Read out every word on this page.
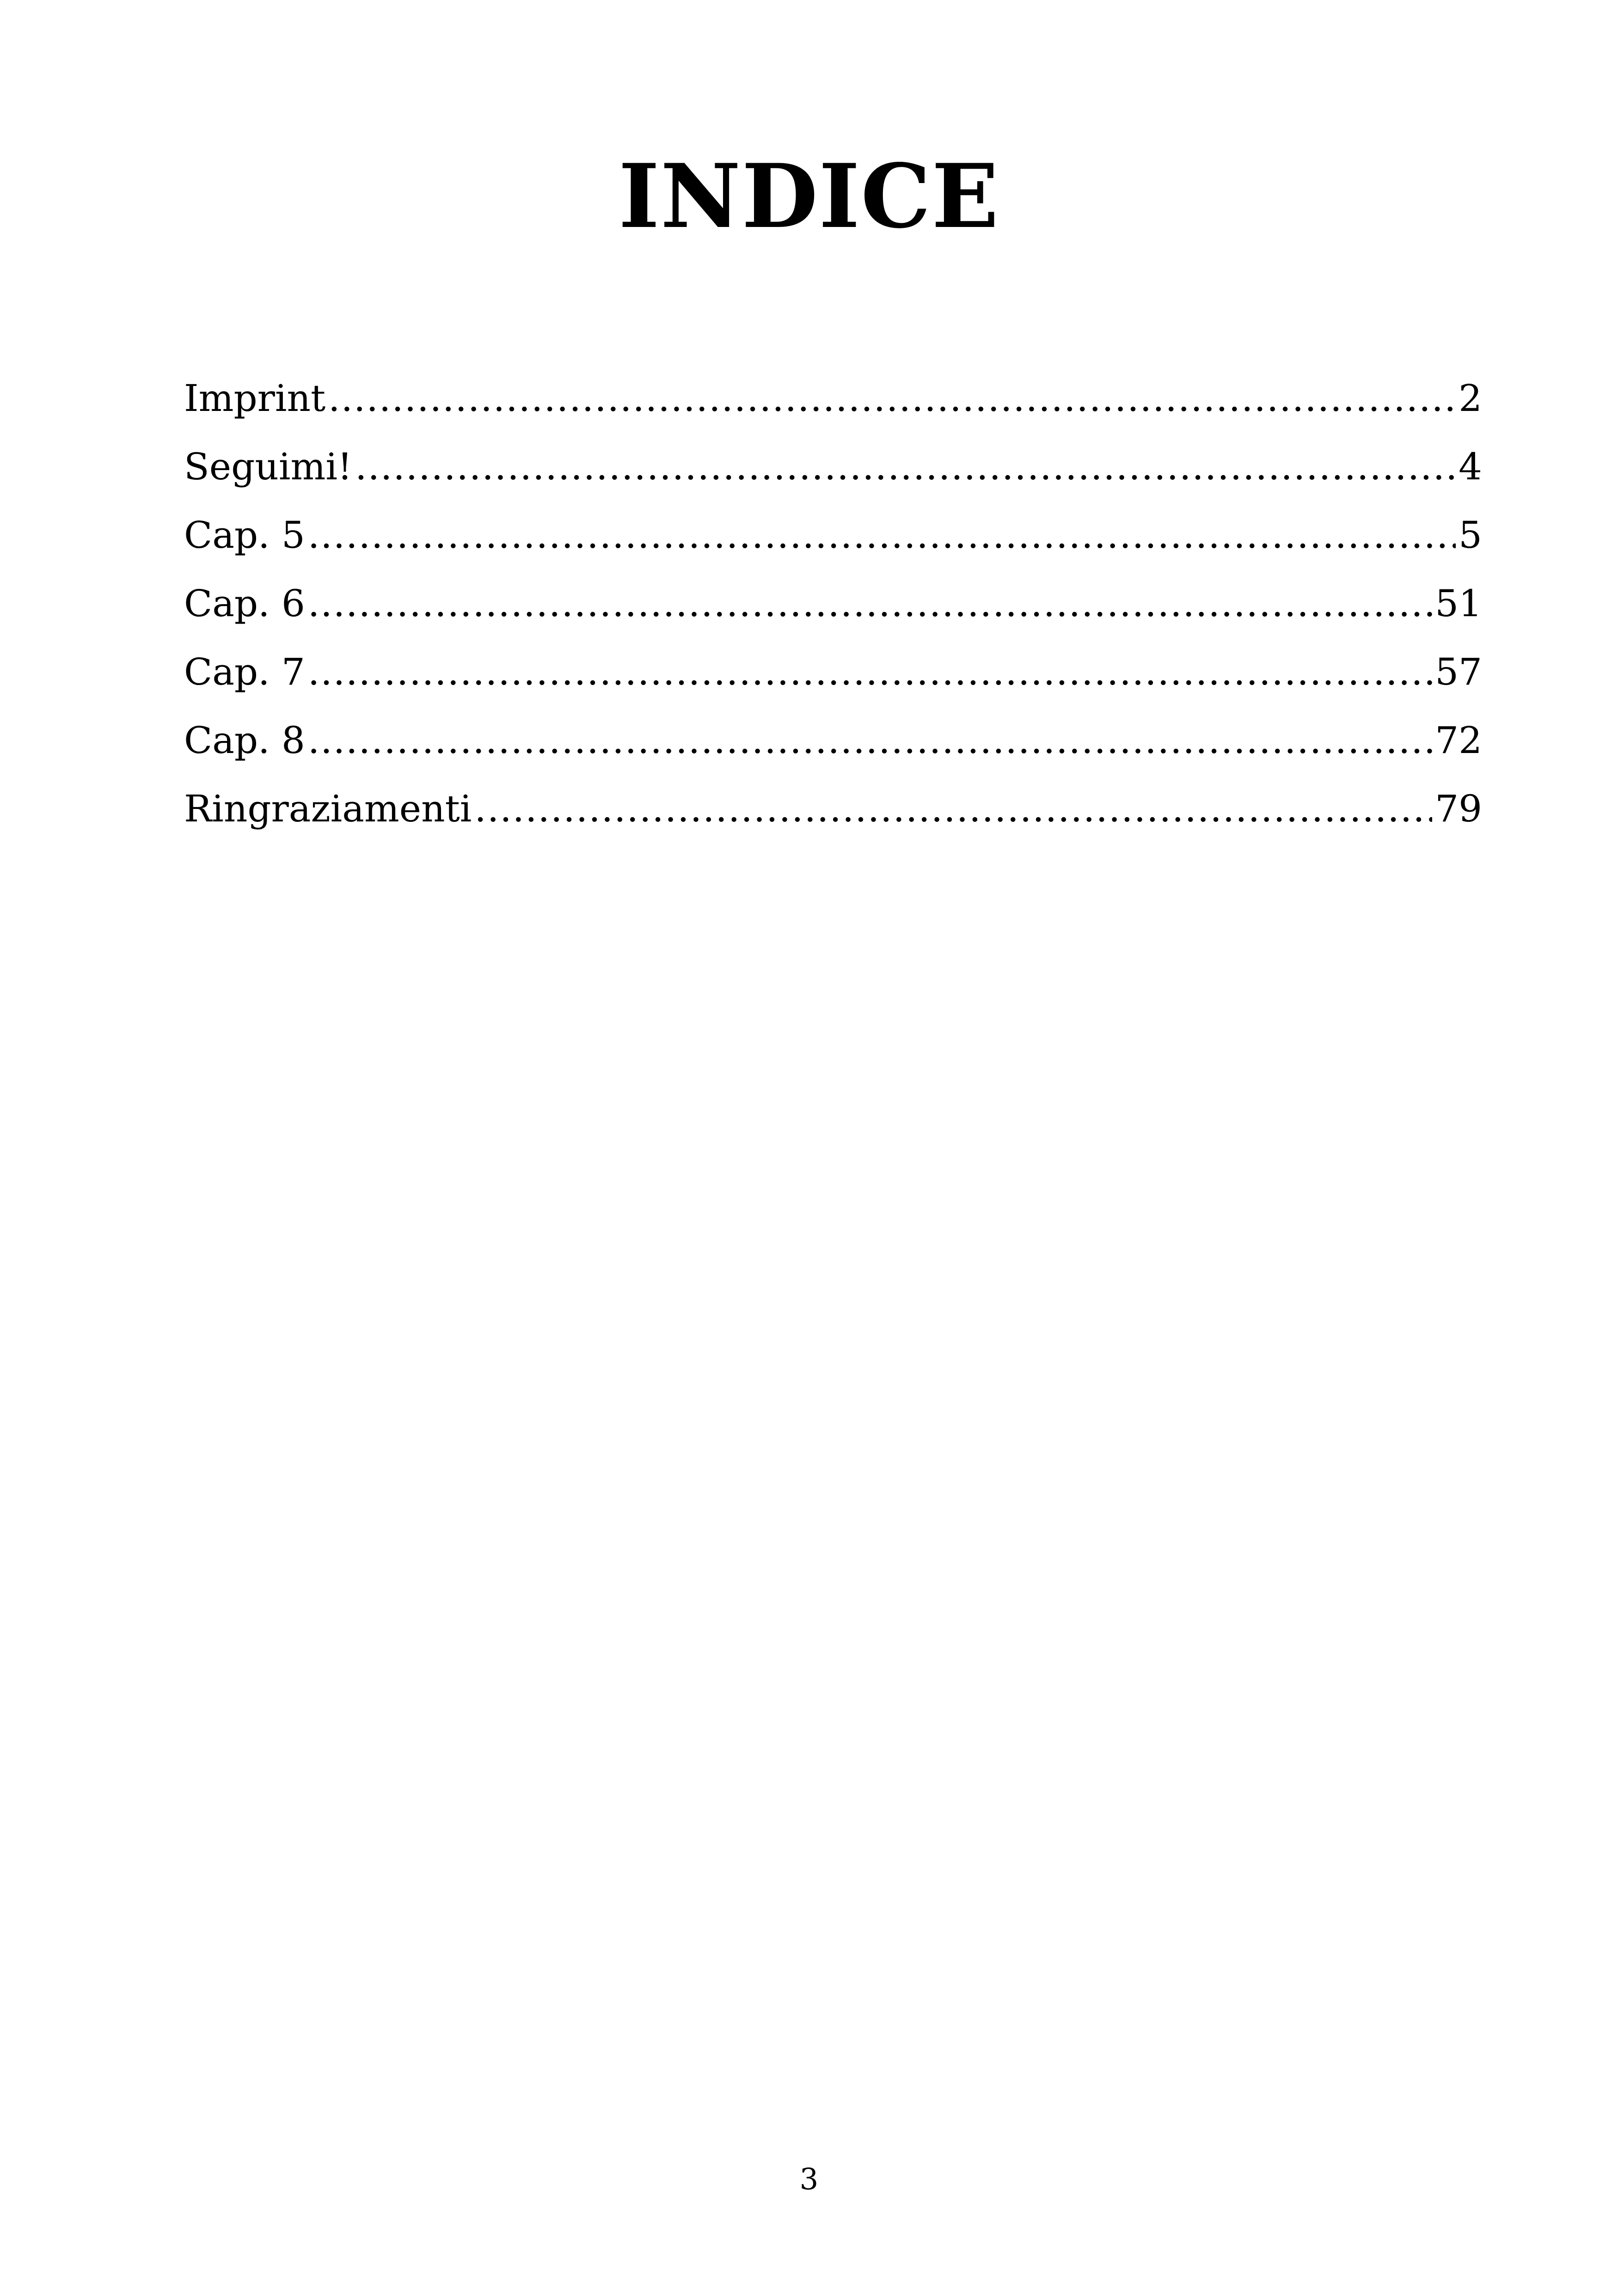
INDICE
Imprint .....	2
Seguimi! .....	4
Cap. 5 .....	5
Cap. 6 .....	51
Cap. 7 .....	57
Cap. 8 .....	72
Ringraziamenti .....	79
3
